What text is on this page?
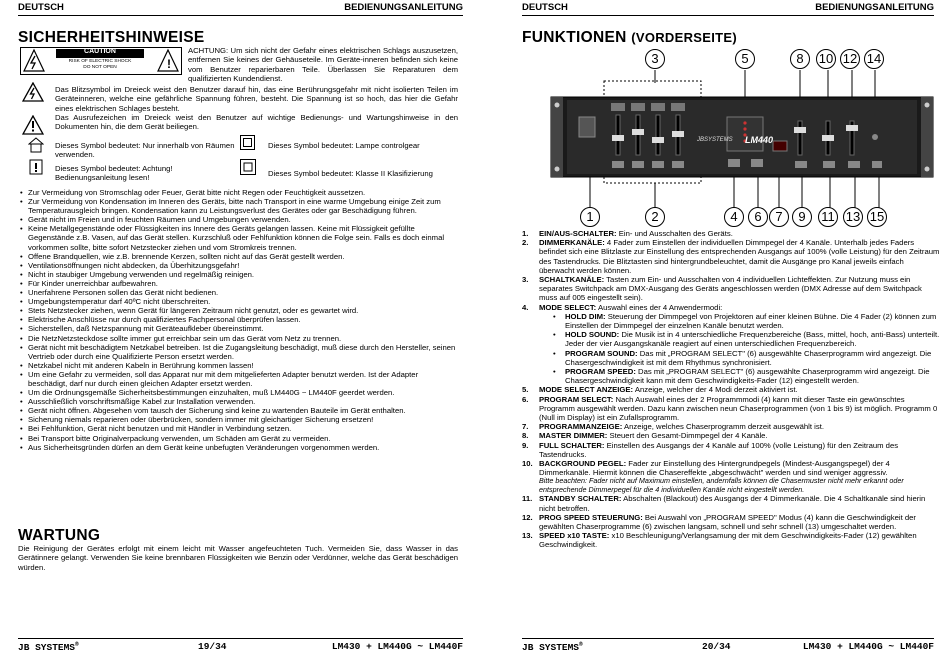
DEUTSCH	BEDIENUNGSANLEITUNG
SICHERHEITSHINWEISE
!
CAUTION
RISK OF ELECTRIC SHOCK
DO NOT OPEN
ACHTUNG: Um sich nicht der Gefahr eines elektrischen Schlags auszusetzen, entfernen Sie keines der Gehäuseteile. Im Geräte-inneren befinden sich keine vom Benutzer reparierbaren Teile. Überlassen Sie Reparaturen dem qualifizierten Kundendienst.
Das Blitzsymbol im Dreieck weist den Benutzer darauf hin, das eine Berührungsgefahr mit nicht isolierten Teilen im Geräteinneren, welche eine gefährliche Spannung führen, besteht. Die Spannung ist so hoch, das hier die Gefahr eines elektrischen Schlages besteht.
Das Ausrufezeichen im Dreieck weist den Benutzer auf wichtige Bedienungs- und Wartungshinweise in den Dokumenten hin, die dem Gerät beiliegen.
Dieses Symbol bedeutet: Nur innerhalb von Räumen verwenden.
Dieses Symbol bedeutet: Lampe controlgear
Dieses Symbol bedeutet: Achtung! Bedienungsanleitung lesen!	Dieses Symbol bedeutet: Klasse II Klasifizierung
• Zur Vermeidung von Stromschlag oder Feuer, Gerät bitte nicht Regen oder Feuchtigkeit aussetzen.
• Zur Vermeidung von Kondensation im Inneren des Geräts, bitte nach Transport in eine warme Umgebung einige Zeit zum Temperaturausgleich bringen. Kondensation kann zu Leistungsverlust des Gerätes oder gar Beschädigung führen.
• Gerät nicht im Freien und in feuchten Räumen und Umgebungen verwenden.
• Keine Metallgegenstände oder Flüssigkeiten ins Innere des Geräts gelangen lassen. Keine mit Flüssigkeit gefüllte Gegenstände z.B. Vasen, auf das Gerät stellen. Kurzschluß oder Fehlfunktion können die Folge sein. Falls es doch einmal vorkommen sollte, bitte sofort Netzstecker ziehen und vom Stromkreis trennen.
• Offene Brandquellen, wie z.B. brennende Kerzen, sollten nicht auf das Gerät gestellt werden.
• Ventilationsöffnungen nicht abdecken, da Überhitzungsgefahr!
• Nicht in staubiger Umgebung verwenden und regelmäßig reinigen.
• Für Kinder unerreichbar aufbewahren.
• Unerfahrene Personen sollen das Gerät nicht bedienen.
• Umgebungstemperatur darf 40ºC nicht überschreiten.
• Stets Netzstecker ziehen, wenn Gerät für längeren Zeitraum nicht genutzt, oder es gewartet wird.
• Elektrische Anschlüsse nur durch qualifiziertes Fachpersonal überprüfen lassen.
• Sicherstellen, daß Netzspannung mit Geräteaufkleber übereinstimmt.
• Die NetzNetzsteckdose sollte immer gut erreichbar sein um das Gerät vom Netz zu trennen.
• Gerät nicht mit beschädigtem Netzkabel betreiben. Ist die Zugangsleitung beschädigt, muß diese durch den Hersteller, seinen Vertrieb oder durch eine Qualifizierte Person ersetzt werden.
• Netzkabel nicht mit anderen Kabeln in Berührung kommen lassen!
• Um eine Gefahr zu vermeiden, soll das Apparat nur mit dem mitgelieferten Adapter benutzt werden. Ist der Adapter beschädigt, darf nur durch einen gleichen Adapter ersetzt werden.
• Um die Ordnungsgemäße Sicherheitsbestimmungen einzuhalten, muß LM440G ~ LM440F geerdet werden.
• Ausschließlich vorschriftsmäßige Kabel zur Installation verwenden.
• Gerät nicht öffnen. Abgesehen vom tausch der Sicherung sind keine zu wartenden Bauteile im Gerät enthalten.
• Sicherung niemals reparieren oder überbrücken, sondern immer mit gleichartiger Sicherung ersetzen!
• Bei Fehlfunktion, Gerät nicht benutzen und mit Händler in Verbindung setzen.
• Bei Transport bitte Originalverpackung verwenden, um Schäden am Gerät zu vermeiden.
• Aus Sicherheitsgründen dürfen an dem Gerät keine unbefugten Veränderungen vorgenommen werden.
WARTUNG
Die Reinigung der Gerätes erfolgt mit einem leicht mit Wasser angefeuchteten Tuch. Vermeiden Sie, dass Wasser in das Gerätinnere gelangt. Verwenden Sie keine brennbaren Flüssigkeiten wie Benzin oder Verdünner, welche das Gerät beschädigen würden.
JB SYSTEMS®	19/34	LM430 + LM440G ~ LM440F
DEUTSCH	BEDIENUNGSANLEITUNG
FUNKTIONEN (VORDERSEITE)
JBSYSTEMS LM440
3	5	8	10 12 14
1	2	4	6	7	9	11 13 15
1. EIN/AUS-SCHALTER: Ein- und Ausschalten des Geräts.
2. DIMMERKANÄLE: 4 Fader zum Einstellen der individuellen Dimmpegel der 4 Kanäle. Unterhalb jedes Faders befindet sich eine Blitzlaste zur Einstellung des entsprechenden Ausgangs auf 100% (volle Leistung) für den Zeitraum des Tastendrucks. Die Blitztasten sind hintergrundbeleuchtet, damit die Ausgänge pro Kanal jeweils einfach überwacht werden können.
3. SCHALTKANÄLE: Tasten zum Ein- und Ausschalten von 4 individuellen Lichteffekten. Zur Nutzung muss ein separates Switchpack am DMX-Ausgang des Geräts angeschlossen werden (DMX Adresse auf dem Switchpack muss auf 005 eingestellt sein).
4. MODE SELECT: Auswahl eines der 4 Anwendermodi:
• HOLD DIM: Steuerung der Dimmpegel von Projektoren auf einer kleinen Bühne. Die 4 Fader (2) können zum Einstellen der Dimmpegel der einzelnen Kanäle benutzt werden.
• HOLD SOUND: Die Musik ist in 4 unterschiedliche Frequenzbereiche (Bass, mittel, hoch, anti-Bass) unterteilt. Jeder der vier Ausgangskanäle reagiert auf einen unterschiedlichen Frequenzbereich.
• PROGRAM SOUND: Das mit „PROGRAM SELECT" (6) ausgewählte Chaserprogramm wird angezeigt. Die Chasergeschwindigkeit ist mit dem Rhythmus synchronisiert.
• PROGRAM SPEED: Das mit „PROGRAM SELECT" (6) ausgewählte Chaserprogramm wird angezeigt. Die Chasergeschwindigkeit kann mit dem Geschwindigkeits-Fader (12) eingestellt werden.
5. MODE SELECT ANZEIGE: Anzeige, welcher der 4 Modi derzeit aktiviert ist.
6. PROGRAM SELECT: Nach Auswahl eines der 2 Programmmodi (4) kann mit dieser Taste ein gewünschtes Programm ausgewählt werden. Dazu kann zwischen neun Chaserprogrammen (von 1 bis 9) ist möglich. Programm 0 (Null im Display) ist ein Zufallsprogramm.
7. PROGRAMMANZEIGE: Anzeige, welches Chaserprogramm derzeit ausgewählt ist.
8. MASTER DIMMER: Steuert den Gesamt-Dimmpegel der 4 Kanäle.
9. FULL SCHALTER: Einstellen des Ausgangs der 4 Kanäle auf 100% (volle Leistung) für den Zeitraum des Tastendrucks.
10. BACKGROUND PEGEL: Fader zur Einstellung des Hintergrundpegels (Mindest-Ausgangspegel) der 4 Dimmerkanäle. Hiermit können die Chasereffekte „abgeschwächt" werden und sind weniger aggressiv.
Bitte beachten: Fader nicht auf Maximum einstellen, andernfalls können die Chasermuster nicht mehr erkannt oder entsprechende Dimmerpegel für die 4 individuellen Kanäle nicht eingestellt werden.
11. STANDBY SCHALTER: Abschalten (Blackout) des Ausgangs der 4 Dimmerkanäle. Die 4 Schaltkanäle sind hierin nicht betroffen.
12. PROG SPEED STEUERUNG: Bei Auswahl von „PROGRAM SPEED" Modus (4) kann die Geschwindigkeit der gewählten Chaserprogramme (6) zwischen langsam, schnell und sehr schnell (13) umgeschaltet werden.
13. SPEED x10 TASTE: x10 Beschleunigung/Verlangsamung der mit dem Geschwindigkeits-Fader (12) gewählten Geschwindigkeit.
JB SYSTEMS®	20/34	LM430 + LM440G ~ LM440F
